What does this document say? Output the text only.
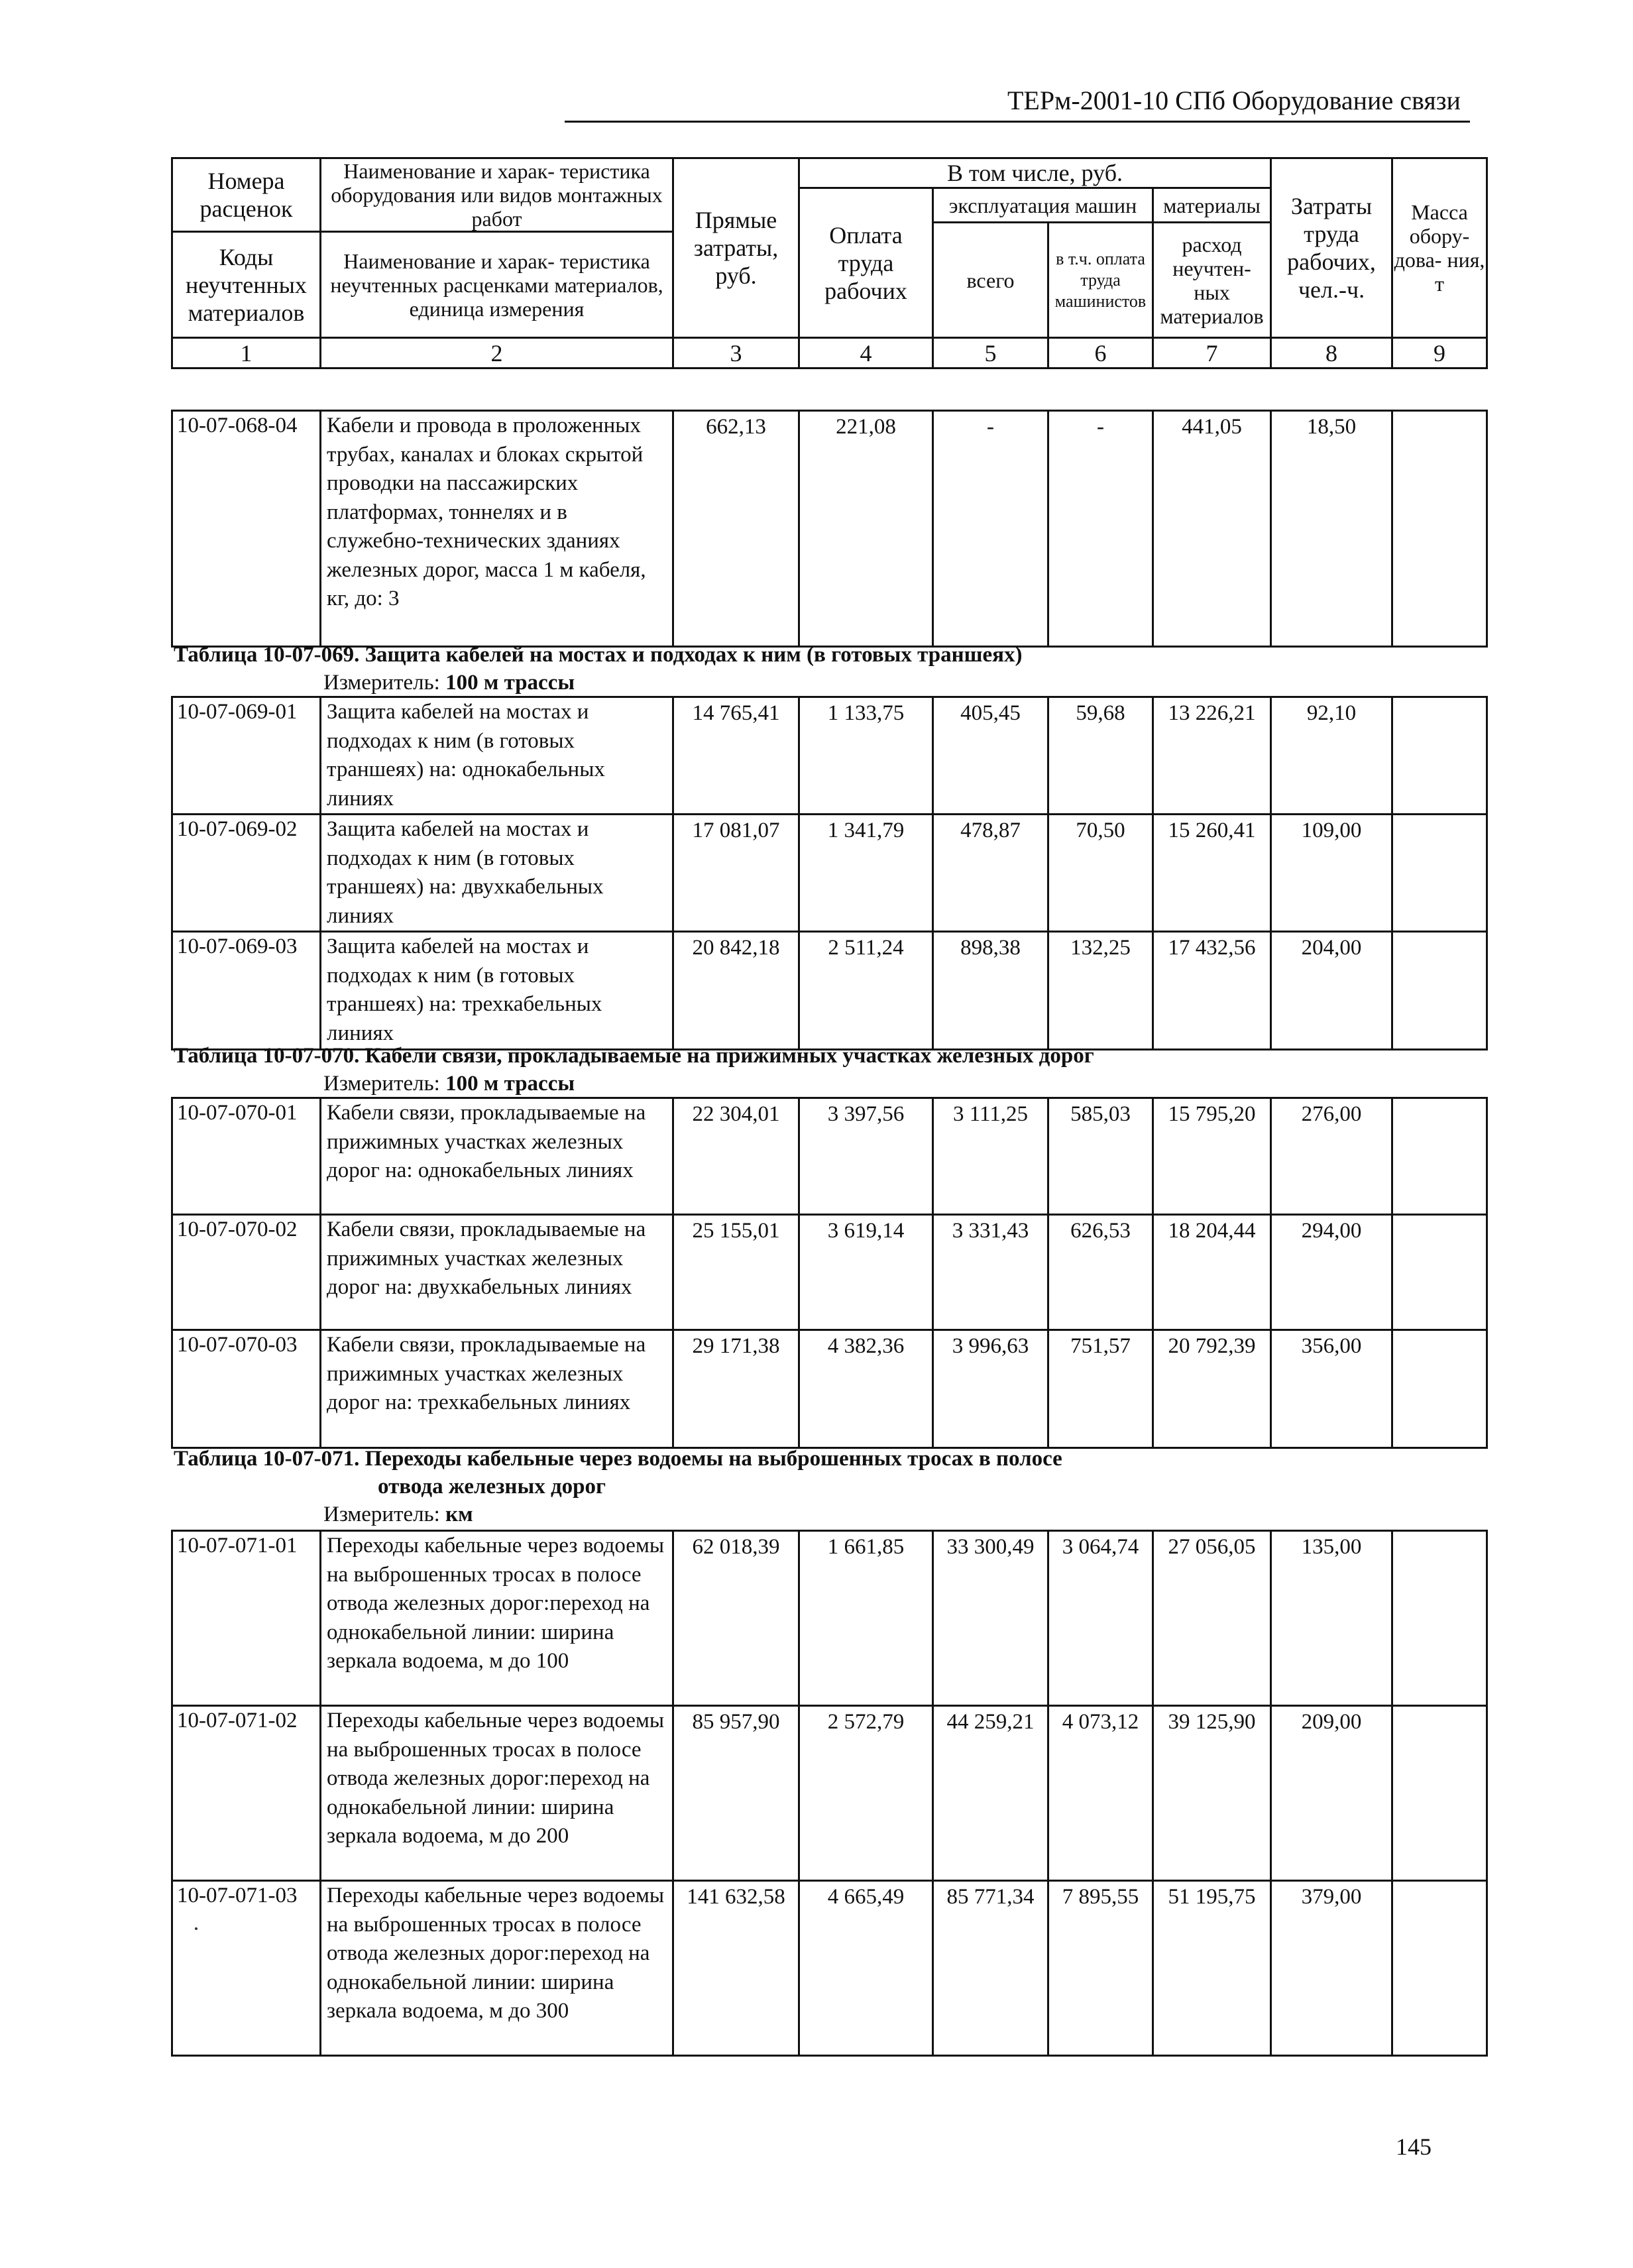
ТЕРм-2001-10 СПб Оборудование связи
Номера расценок	Наименование и харак- теристика оборудования или видов монтажных работ	Прямые затраты, руб.	В том числе, руб.				Затраты труда рабочих, чел.-ч.	Масса обору- дова- ния, т
			Оплата труда рабочих	эксплуатация машин		материалы		
				всего	в т.ч. оплата труда машинистов	расход неучтен- ных материалов		
Коды неучтенных материалов	Наименование и харак- теристика неучтенных расценками материалов, единица измерения							

1	2	3	4	5	6	7	8	9
10-07-068-04	Кабели и провода в проложенных трубах, каналах и блоках скрытой проводки на пассажирских платформах, тоннелях и в служебно-технических зданиях железных дорог, масса 1 м кабеля, кг, до: 3	662,13	221,08	-	-	441,05	18,50	
Таблица 10-07-069. Защита кабелей на мостах и подходах к ним (в готовых траншеях)
Измеритель: 100 м трассы
10-07-069-01	Защита кабелей на мостах и подходах к ним (в готовых траншеях) на: однокабельных линиях	14 765,41	1 133,75	405,45	59,68	13 226,21	92,10	
10-07-069-02	Защита кабелей на мостах и подходах к ним (в готовых траншеях) на: двухкабельных линиях	17 081,07	1 341,79	478,87	70,50	15 260,41	109,00	
10-07-069-03	Защита кабелей на мостах и подходах к ним (в готовых траншеях) на: трехкабельных линиях	20 842,18	2 511,24	898,38	132,25	17 432,56	204,00	
Таблица 10-07-070. Кабели связи, прокладываемые на прижимных участках железных дорог
Измеритель: 100 м трассы
10-07-070-01	Кабели связи, прокладываемые на прижимных участках железных дорог на: однокабельных линиях	22 304,01	3 397,56	3 111,25	585,03	15 795,20	276,00	
10-07-070-02	Кабели связи, прокладываемые на прижимных участках железных дорог на: двухкабельных линиях	25 155,01	3 619,14	3 331,43	626,53	18 204,44	294,00	
10-07-070-03	Кабели связи, прокладываемые на прижимных участках железных дорог на: трехкабельных линиях	29 171,38	4 382,36	3 996,63	751,57	20 792,39	356,00	
Таблица 10-07-071. Переходы кабельные через водоемы на выброшенных тросах в полосе
отвода железных дорог
Измеритель: км
10-07-071-01	Переходы кабельные через водоемы на выброшенных тросах в полосе отвода железных дорог:переход на однокабельной линии: ширина зеркала водоема, м до 100	62 018,39	1 661,85	33 300,49	3 064,74	27 056,05	135,00	
10-07-071-02	Переходы кабельные через водоемы на выброшенных тросах в полосе отвода железных дорог:переход на однокабельной линии: ширина зеркала водоема, м до 200	85 957,90	2 572,79	44 259,21	4 073,12	39 125,90	209,00	
10-07-071-03	Переходы кабельные через водоемы на выброшенных тросах в полосе отвода железных дорог:переход на однокабельной линии: ширина зеркала водоема, м до 300	141 632,58	4 665,49	85 771,34	7 895,55	51 195,75	379,00	
145
